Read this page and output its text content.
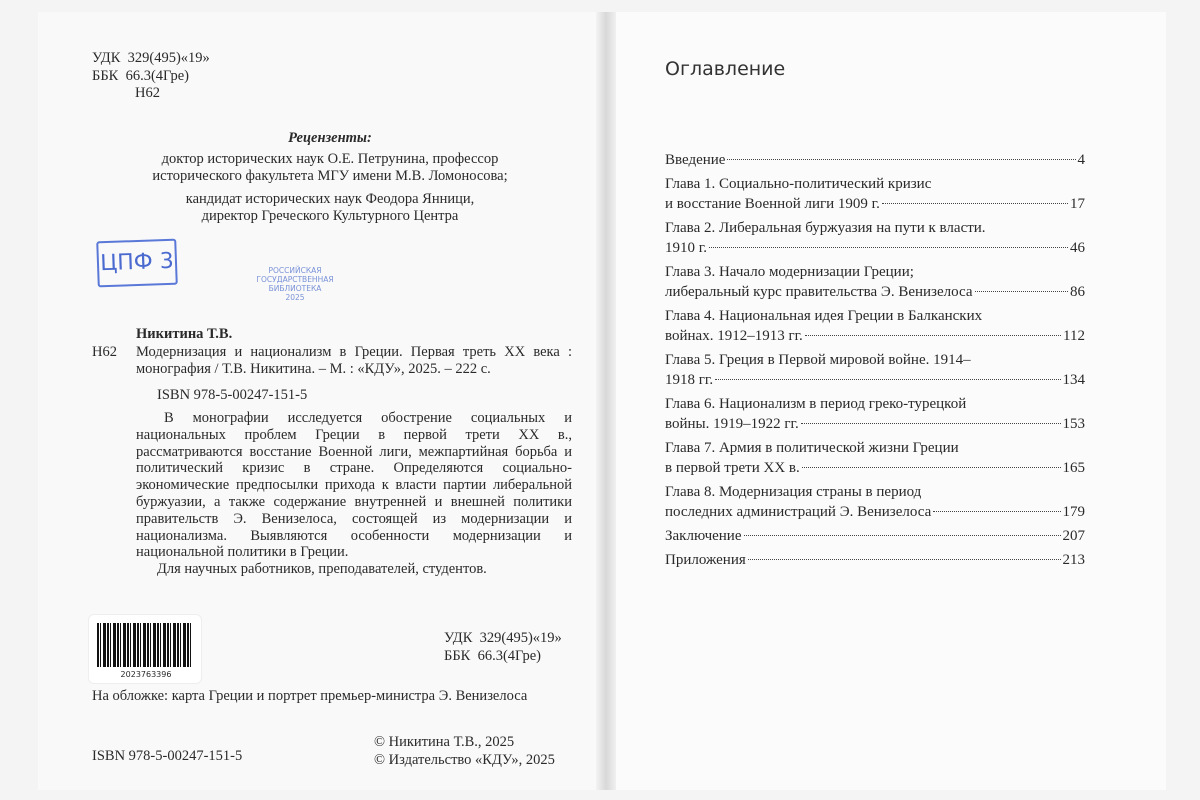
УДК 329(495)«19»
ББК 66.3(4Гре)
Н62
Рецензенты:
доктор исторических наук О.Е. Петрунина, профессор
исторического факультета МГУ имени М.В. Ломоносова;
кандидат исторических наук Феодора Янници,
директор Греческого Культурного Центра
ЦПФ 3	РОССИЙСКАЯ
ГОСУДАРСТВЕННАЯ
БИБЛИОТЕКА
2025
Н62
Никитина Т.В.
Модернизация и национализм в Греции. Первая треть XX века : монография / Т.В. Никитина. – М. : «КДУ», 2025. – 222 с.
ISBN 978-5-00247-151-5
В монографии исследуется обострение социальных и национальных проблем Греции в первой трети XX в., рассматриваются восстание Военной лиги, межпартийная борьба и политический кризис в стране. Определяются социально-экономические предпосылки прихода к власти партии либеральной буржуазии, а также содержание внутренней и внешней политики правительств Э. Венизелоса, состоящей из модернизации и национализма. Выявляются особенности модернизации и национальной политики в Греции.
Для научных работников, преподавателей, студентов.
2023763396
УДК 329(495)«19»
ББК 66.3(4Гре)
На обложке: карта Греции и портрет премьер-министра Э. Венизелоса
ISBN 978-5-00247-151-5
© Никитина Т.В., 2025
© Издательство «КДУ», 2025
Оглавление
Введение	4
Глава 1. Социально-политический кризис
и восстание Военной лиги 1909 г.	17
Глава 2. Либеральная буржуазия на пути к власти.
1910 г.	46
Глава 3. Начало модернизации Греции;
либеральный курс правительства Э. Венизелоса	86
Глава 4. Национальная идея Греции в Балканских
войнах. 1912–1913 гг.	112
Глава 5. Греция в Первой мировой войне. 1914–
1918 гг.	134
Глава 6. Национализм в период греко-турецкой
войны. 1919–1922 гг.	153
Глава 7. Армия в политической жизни Греции
в первой трети XX в.	165
Глава 8. Модернизация страны в период
последних администраций Э. Венизелоса	179
Заключение	207
Приложения	213
